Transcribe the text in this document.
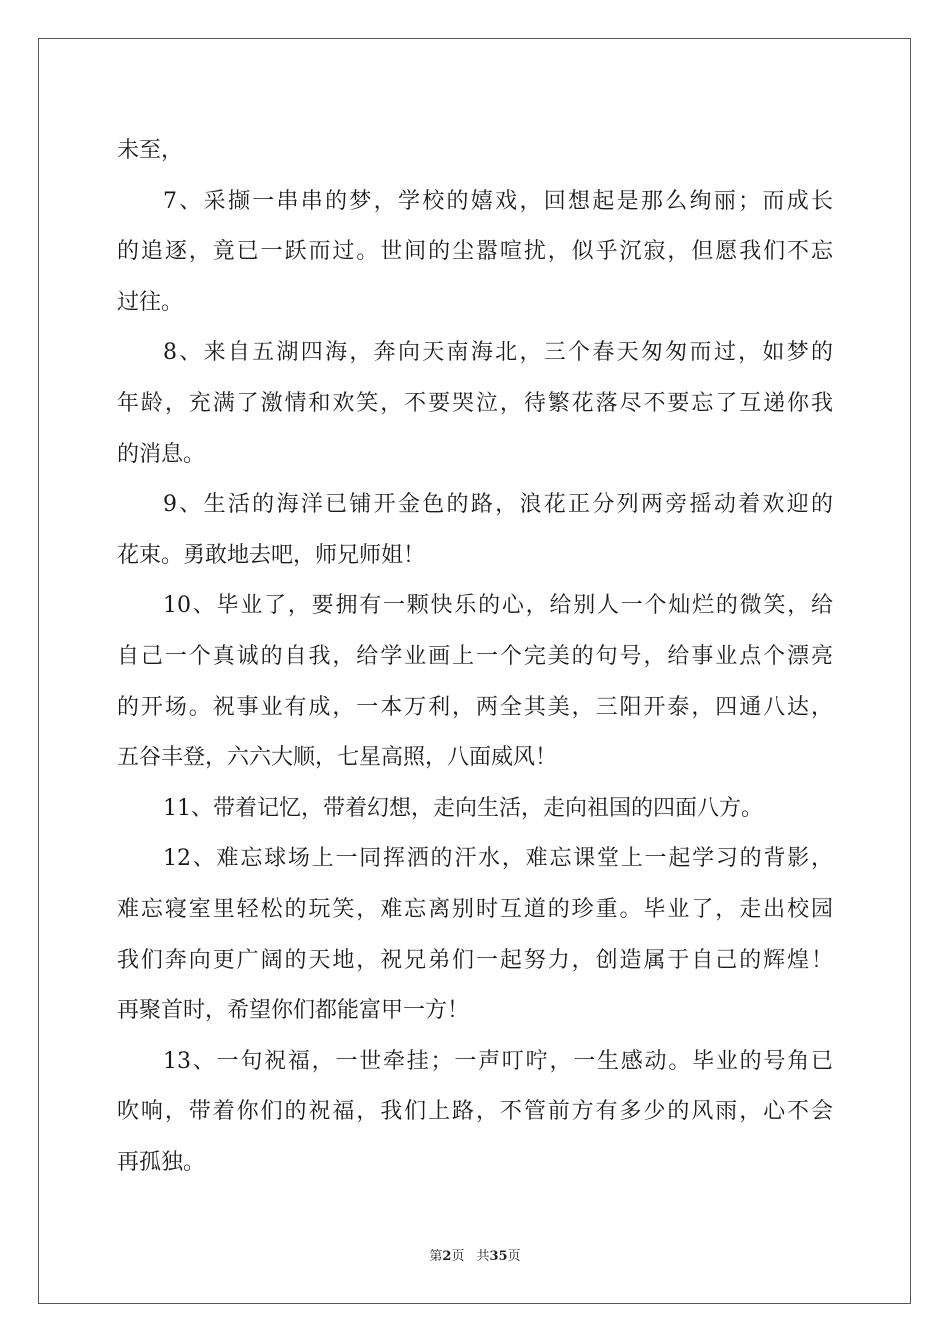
未至，
7、采撷一串串的梦，学校的嬉戏，回想起是那么绚丽；而成长
的追逐，竟已一跃而过。世间的尘嚣喧扰，似乎沉寂，但愿我们不忘
过往。
8、来自五湖四海，奔向天南海北，三个春天匆匆而过，如梦的
年龄，充满了激情和欢笑，不要哭泣，待繁花落尽不要忘了互递你我
的消息。
9、生活的海洋已铺开金色的路，浪花正分列两旁摇动着欢迎的
花束。勇敢地去吧，师兄师姐！
10、毕业了，要拥有一颗快乐的心，给别人一个灿烂的微笑，给
自己一个真诚的自我，给学业画上一个完美的句号，给事业点个漂亮
的开场。祝事业有成，一本万利，两全其美，三阳开泰，四通八达，
五谷丰登，六六大顺，七星高照，八面威风！
11、带着记忆，带着幻想，走向生活，走向祖国的四面八方。
12、难忘球场上一同挥洒的汗水，难忘课堂上一起学习的背影，
难忘寝室里轻松的玩笑，难忘离别时互道的珍重。毕业了，走出校园
我们奔向更广阔的天地，祝兄弟们一起努力，创造属于自己的辉煌！
再聚首时，希望你们都能富甲一方！
13、一句祝福，一世牵挂；一声叮咛，一生感动。毕业的号角已
吹响，带着你们的祝福，我们上路，不管前方有多少的风雨，心不会
再孤独。
第2页 共35页
